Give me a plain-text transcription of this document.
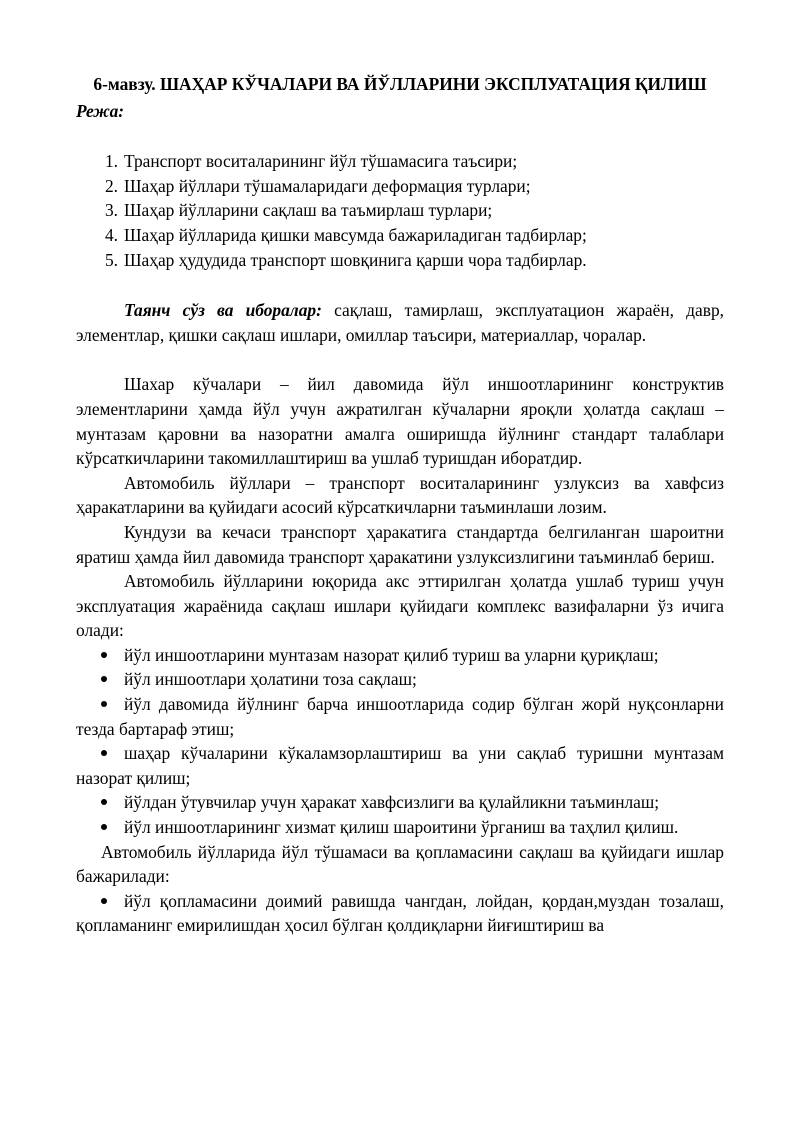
6-мавзу. ШАҲАР КЎЧАЛАРИ ВА ЙЎЛЛАРИНИ ЭКСПЛУАТАЦИЯ ҚИЛИШ

Режа:

1. Транспорт воситаларининг йўл тўшамасига таъсири;
2. Шаҳар йўллари тўшамаларидаги деформация турлари;
3. Шаҳар йўлларини сақлаш ва таъмирлаш турлари;
4. Шаҳар йўлларида қишки мавсумда бажариладиган тадбирлар;
5. Шаҳар ҳудудида транспорт шовқинига қарши чора тадбирлар.

Таянч сўз ва иборалар: сақлаш, тамирлаш, эксплуатацион жараён, давр, элементлар, қишки сақлаш ишлари, омиллар таъсири, материаллар, чоралар.

Шахар кўчалари – йил давомида йўл иншоотларининг конструктив элементларини ҳамда йўл учун ажратилган кўчаларни яроқли ҳолатда сақлаш – мунтазам қаровни ва назоратни амалга оширишда йўлнинг стандарт талаблари кўрсаткичларини такомиллаштириш ва ушлаб туришдан иборатдир.

Автомобиль йўллари – транспорт воситаларининг узлуксиз ва хавфсиз ҳаракатларини ва қуйидаги асосий кўрсаткичларни таъминлаши лозим.

Кундузи ва кечаси транспорт ҳаракатига стандартда белгиланган шароитни яратиш ҳамда йил давомида транспорт ҳаракатини узлуксизлигини таъминлаб бериш.

Автомобиль йўлларини юқорида акс эттирилган ҳолатда ушлаб туриш учун эксплуатация жараёнида сақлаш ишлари қуйидаги комплекс вазифаларни ўз ичига олади:

йўл иншоотларини мунтазам назорат қилиб туриш ва уларни қуриқлаш;
йўл иншоотлари ҳолатини тоза сақлаш;
йўл давомида йўлнинг барча иншоотларида содир бўлган жорй нуқсонларни тезда бартараф этиш;
шаҳар кўчаларини кўкаламзорлаштириш ва уни сақлаб туришни мунтазам назорат қилиш;
йўлдан ўтувчилар учун ҳаракат хавфсизлиги ва қулайликни таъминлаш;
йўл иншоотларининг хизмат қилиш шароитини ўрганиш ва таҳлил қилиш.

Автомобиль йўлларида йўл тўшамаси ва қопламасини сақлаш ва қуйидаги ишлар бажарилади:

йўл қопламасини доимий равишда чангдан, лойдан, қордан,муздан тозалаш, қопламанинг емирилишдан ҳосил бўлган қолдиқларни йиғиштириш ва
